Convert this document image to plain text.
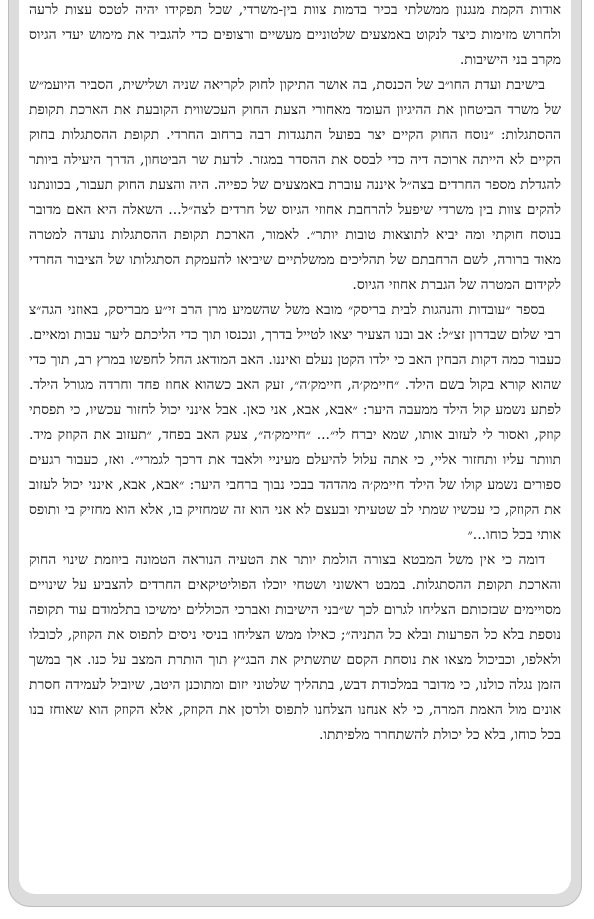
אודות הקמת מנגנון ממשלתי בכיר בדמות צוות בין-משרדי, שכל תפקידו יהיה לטכס עצות לרעה ולחרוש מזימות כיצד לנקוט באמצעים שלטוניים מעשיים ורצופים כדי להגביר את מימוש יעדי הגיוס מקרב בני הישיבות.

בישיבת ועדת החו״ב של הכנסת, בה אושר התיקון לחוק לקריאה שניה ושלישית, הסביר היועמ״ש של משרד הביטחון את ההיגיון העומד מאחורי הצעת החוק העכשווית הקובעת את הארכת תקופת ההסתגלות: ״נוסח החוק הקיים יצר בפועל התנגדות רבה ברחוב החרדי. תקופת ההסתגלות בחוק הקיים לא הייתה ארוכה דיה כדי לבסס את ההסדר במגזר. לדעת שר הביטחון, הדרך היעילה ביותר להגדלת מספר החרדים בצה״ל איננה עוברת באמצעים של כפייה. היה והצעת החוק תעבור, בכוונתנו להקים צוות בין משרדי שיפעל להרחבת אחוזי הגיוס של חרדים לצה״ל... השאלה היא האם מדובר בנוסח חוקתי ומה יביא לתוצאות טובות יותר״. לאמור, הארכת תקופת ההסתגלות נועדה למטרה מאוד ברורה, לשם הרחבתם של תהליכים ממשלתיים שיביאו להעמקת הסתגלותו של הציבור החרדי לקידום המטרה של הגברת אחוזי הגיוס.

בספר ״עובדות והנהגות לבית בריסק״ מובא משל שהשמיע מרן הרב זי״ע מבריסק, באוזני הגה״צ רבי שלום שבדרון זצ״ל: אב ובנו הצעיר יצאו לטייל בדרך, ונכנסו תוך כדי הליכתם ליער עבות ומאיים. כעבור כמה דקות הבחין האב כי ילדו הקטן נעלם ואיננו. האב המודאג החל לחפשו במרץ רב, תוך כדי שהוא קורא בקול בשם הילד. ״חיימק׳ה, חיימק׳ה״, זעק האב כשהוא אחוז פחד וחרדה מגורל הילד. לפתע נשמע קול הילד ממעבה היער: ״אבא, אבא, אני כאן. אבל אינני יכול לחזור עכשיו, כי תפסתי קוזק, ואסור לי לעזוב אותו, שמא יברח לי״... ״חיימק׳ה״, צעק האב בפחד, ״תעזוב את הקוזק מיד. תוותר עליו ותחזור אליי, כי אתה עלול להיעלם מעיניי ולאבד את דרכך לגמרי״. ואז, כעבור רגעים ספורים נשמע קולו של הילד חיימק׳ה מהדהד בבכי נבוך ברחבי היער: ״אבא, אבא, אינני יכול לעזוב את הקוזק, כי עכשיו שמתי לב שטעיתי ובעצם לא אני הוא זה שמחזיק בו, אלא הוא מחזיק בי ותופס אותי בכל כוחו...״

דומה כי אין משל המבטא בצורה הולמת יותר את הטעיה הנוראה הטמונה ביוזמת שינוי החוק והארכת תקופת ההסתגלות. במבט ראשוני ושטחי יוכלו הפוליטיקאים החרדים להצביע על שינויים מסויימים שבזכותם הצליחו לגרום לכך ש״בני הישיבות ואברכי הכוללים ימשיכו בתלמודם עוד תקופה נוספת בלא כל הפרעות ובלא כל התניה״; כאילו ממש הצליחו בניסי ניסים לתפוס את הקוזק, לכובלו ולאלפו, וכביכול מצאו את נוסחת הקסם שתשתיק את הבג״ץ תוך הותרת המצב על כנו. אך במשך הזמן נגלה כולנו, כי מדובר במלכודת דבש, בתהליך שלטוני יזום ומתוכנן היטב, שיוביל לעמידה חסרת אונים מול האמת המרה, כי לא אנחנו הצלחנו לתפוס ולרסן את הקוזק, אלא הקוזק הוא שאוחז בנו בכל כוחו, בלא כל יכולת להשתחרר מלפיתתו.
